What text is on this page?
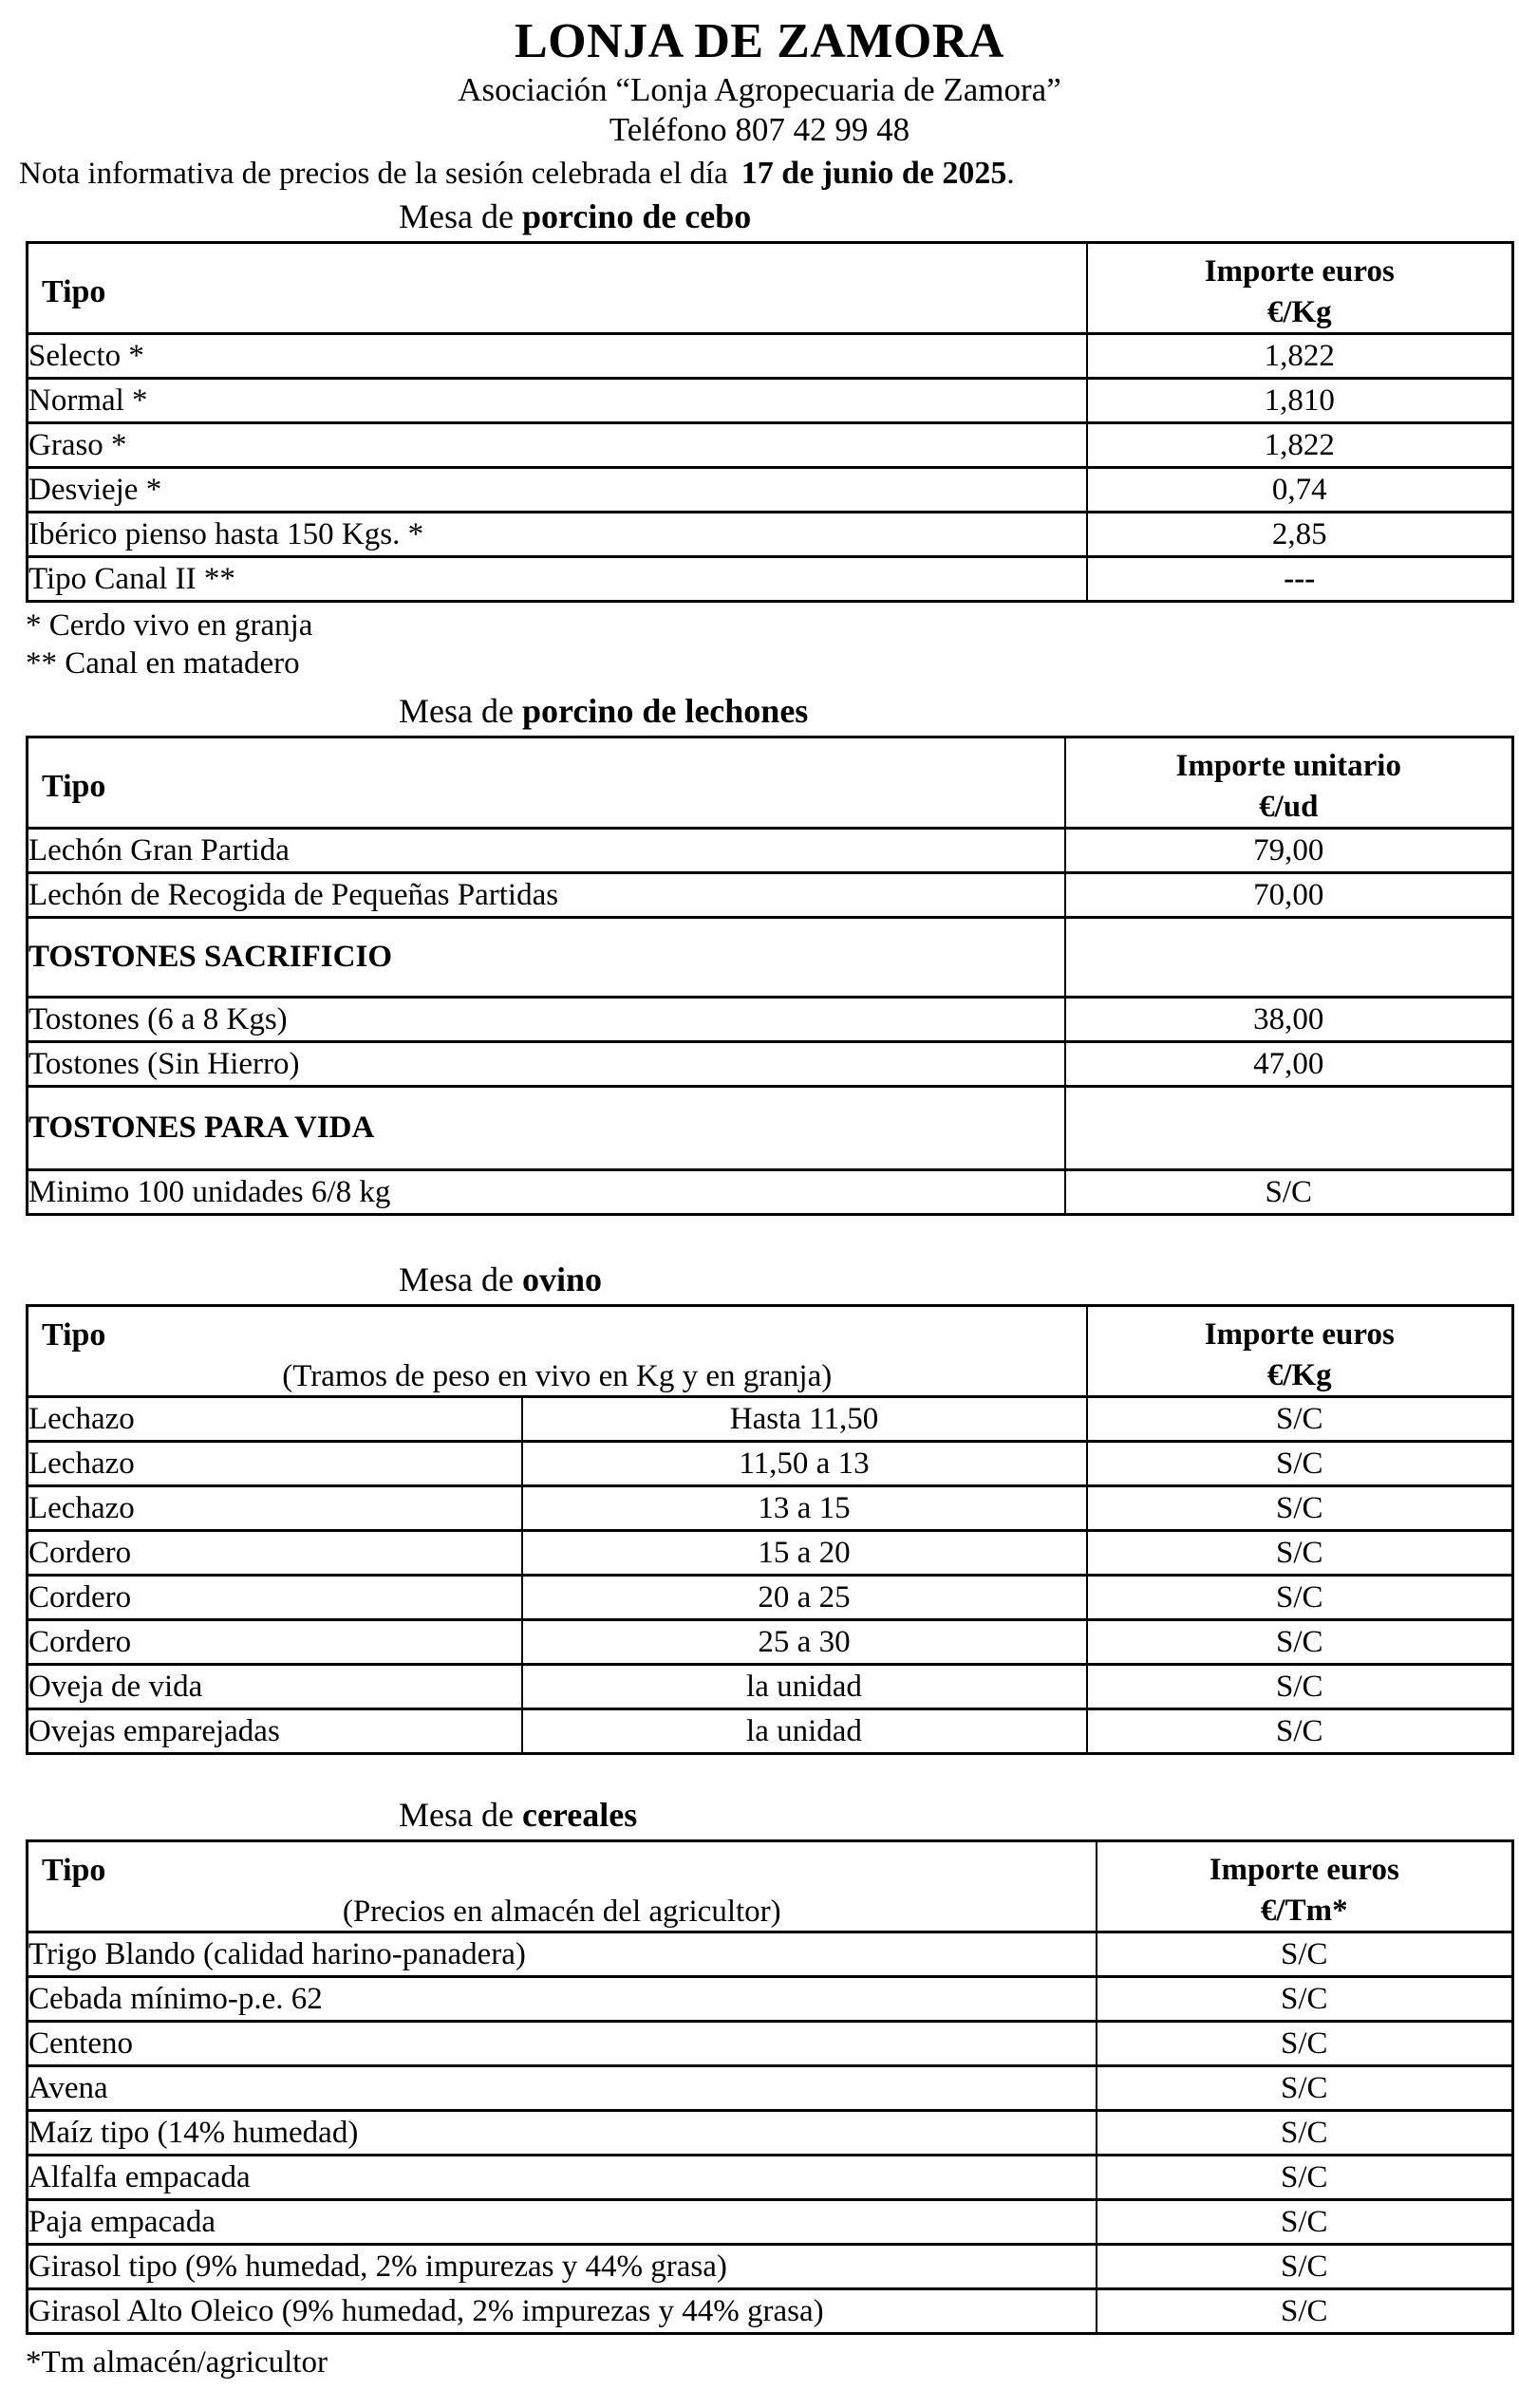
LONJA DE ZAMORA
Asociación “Lonja Agropecuaria de Zamora”
Teléfono 807 42 99 48
Nota informativa de precios de la sesión celebrada el día 17 de junio de 2025.
Mesa de porcino de cebo
Tipo	Importe euros
€/Kg

Selecto *	1,822
Normal *	1,810
Graso *	1,822
Desvieje *	0,74
Ibérico pienso hasta 150 Kgs. *	2,85
Tipo Canal II **	---
* Cerdo vivo en granja
** Canal en matadero
Mesa de porcino de lechones
Tipo	Importe unitario
€/ud

Lechón Gran Partida	79,00
Lechón de Recogida de Pequeñas Partidas	70,00
TOSTONES SACRIFICIO	
Tostones (6 a 8 Kgs)	38,00
Tostones (Sin Hierro)	47,00
TOSTONES PARA VIDA	
Minimo 100 unidades 6/8 kg	S/C
Mesa de ovino
Tipo
(Tramos de peso en vivo en Kg y en granja)

Importe euros
€/Kg

Lechazo	Hasta 11,50	S/C
Lechazo	11,50 a 13	S/C
Lechazo	13 a 15	S/C
Cordero	15 a 20	S/C
Cordero	20 a 25	S/C
Cordero	25 a 30	S/C
Oveja de vida	la unidad	S/C
Ovejas emparejadas	la unidad	S/C
Mesa de cereales
Tipo
(Precios en almacén del agricultor)

Importe euros
€/Tm*

Trigo Blando (calidad harino-panadera)	S/C
Cebada mínimo-p.e. 62	S/C
Centeno	S/C
Avena	S/C
Maíz tipo (14% humedad)	S/C
Alfalfa empacada	S/C
Paja empacada	S/C
Girasol tipo (9% humedad, 2% impurezas y 44% grasa)	S/C
Girasol Alto Oleico (9% humedad, 2% impurezas y 44% grasa)	S/C
*Tm almacén/agricultor
